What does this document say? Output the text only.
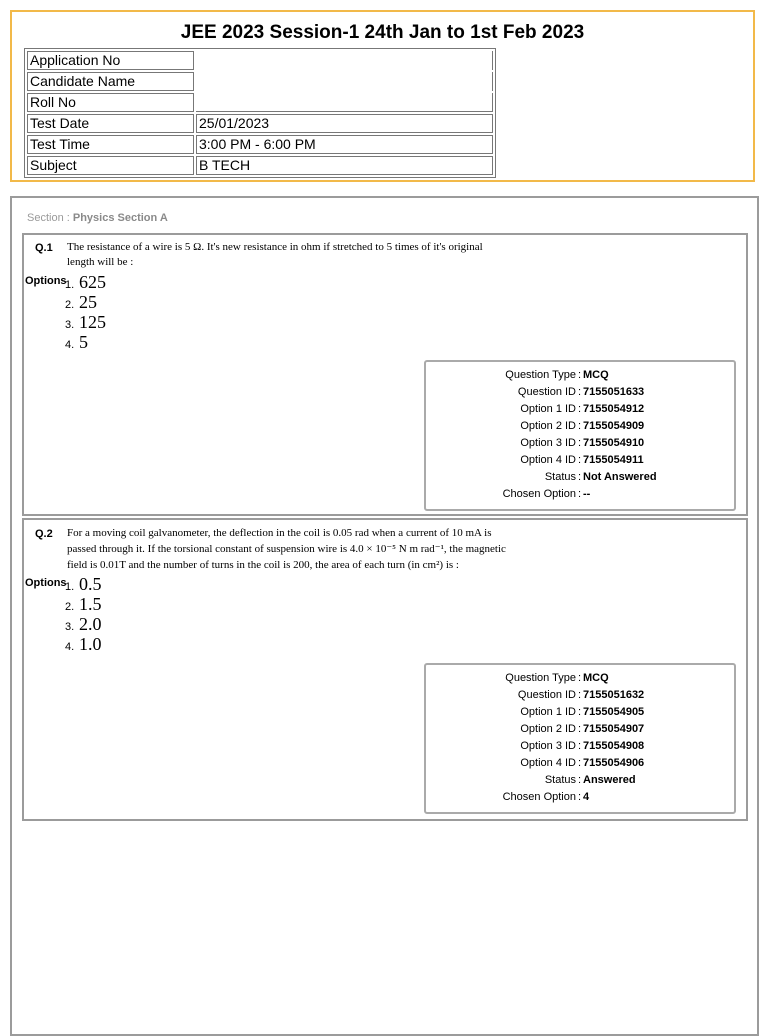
JEE 2023 Session-1 24th Jan to 1st Feb 2023
Application No	
Candidate Name	
Roll No	
Test Date	25/01/2023
Test Time	3:00 PM - 6:00 PM
Subject	B TECH
Section : Physics Section A
Q.1 The resistance of a wire is 5 Ω. It's new resistance in ohm if stretched to 5 times of it's original
length will be :
Options
1. 625
2. 25
3. 125
4. 5
Question Type : MCQ
Question ID : 7155051633
Option 1 ID : 7155054912
Option 2 ID : 7155054909
Option 3 ID : 7155054910
Option 4 ID : 7155054911
Status : Not Answered
Chosen Option : --
Q.2 For a moving coil galvanometer, the deflection in the coil is 0.05 rad when a current of 10 mA is
passed through it. If the torsional constant of suspension wire is 4.0 × 10⁻⁵ N m rad⁻¹, the magnetic
field is 0.01T and the number of turns in the coil is 200, the area of each turn (in cm²) is :
Options
1. 0.5
2. 1.5
3. 2.0
4. 1.0
Question Type : MCQ
Question ID : 7155051632
Option 1 ID : 7155054905
Option 2 ID : 7155054907
Option 3 ID : 7155054908
Option 4 ID : 7155054906
Status : Answered
Chosen Option : 4
